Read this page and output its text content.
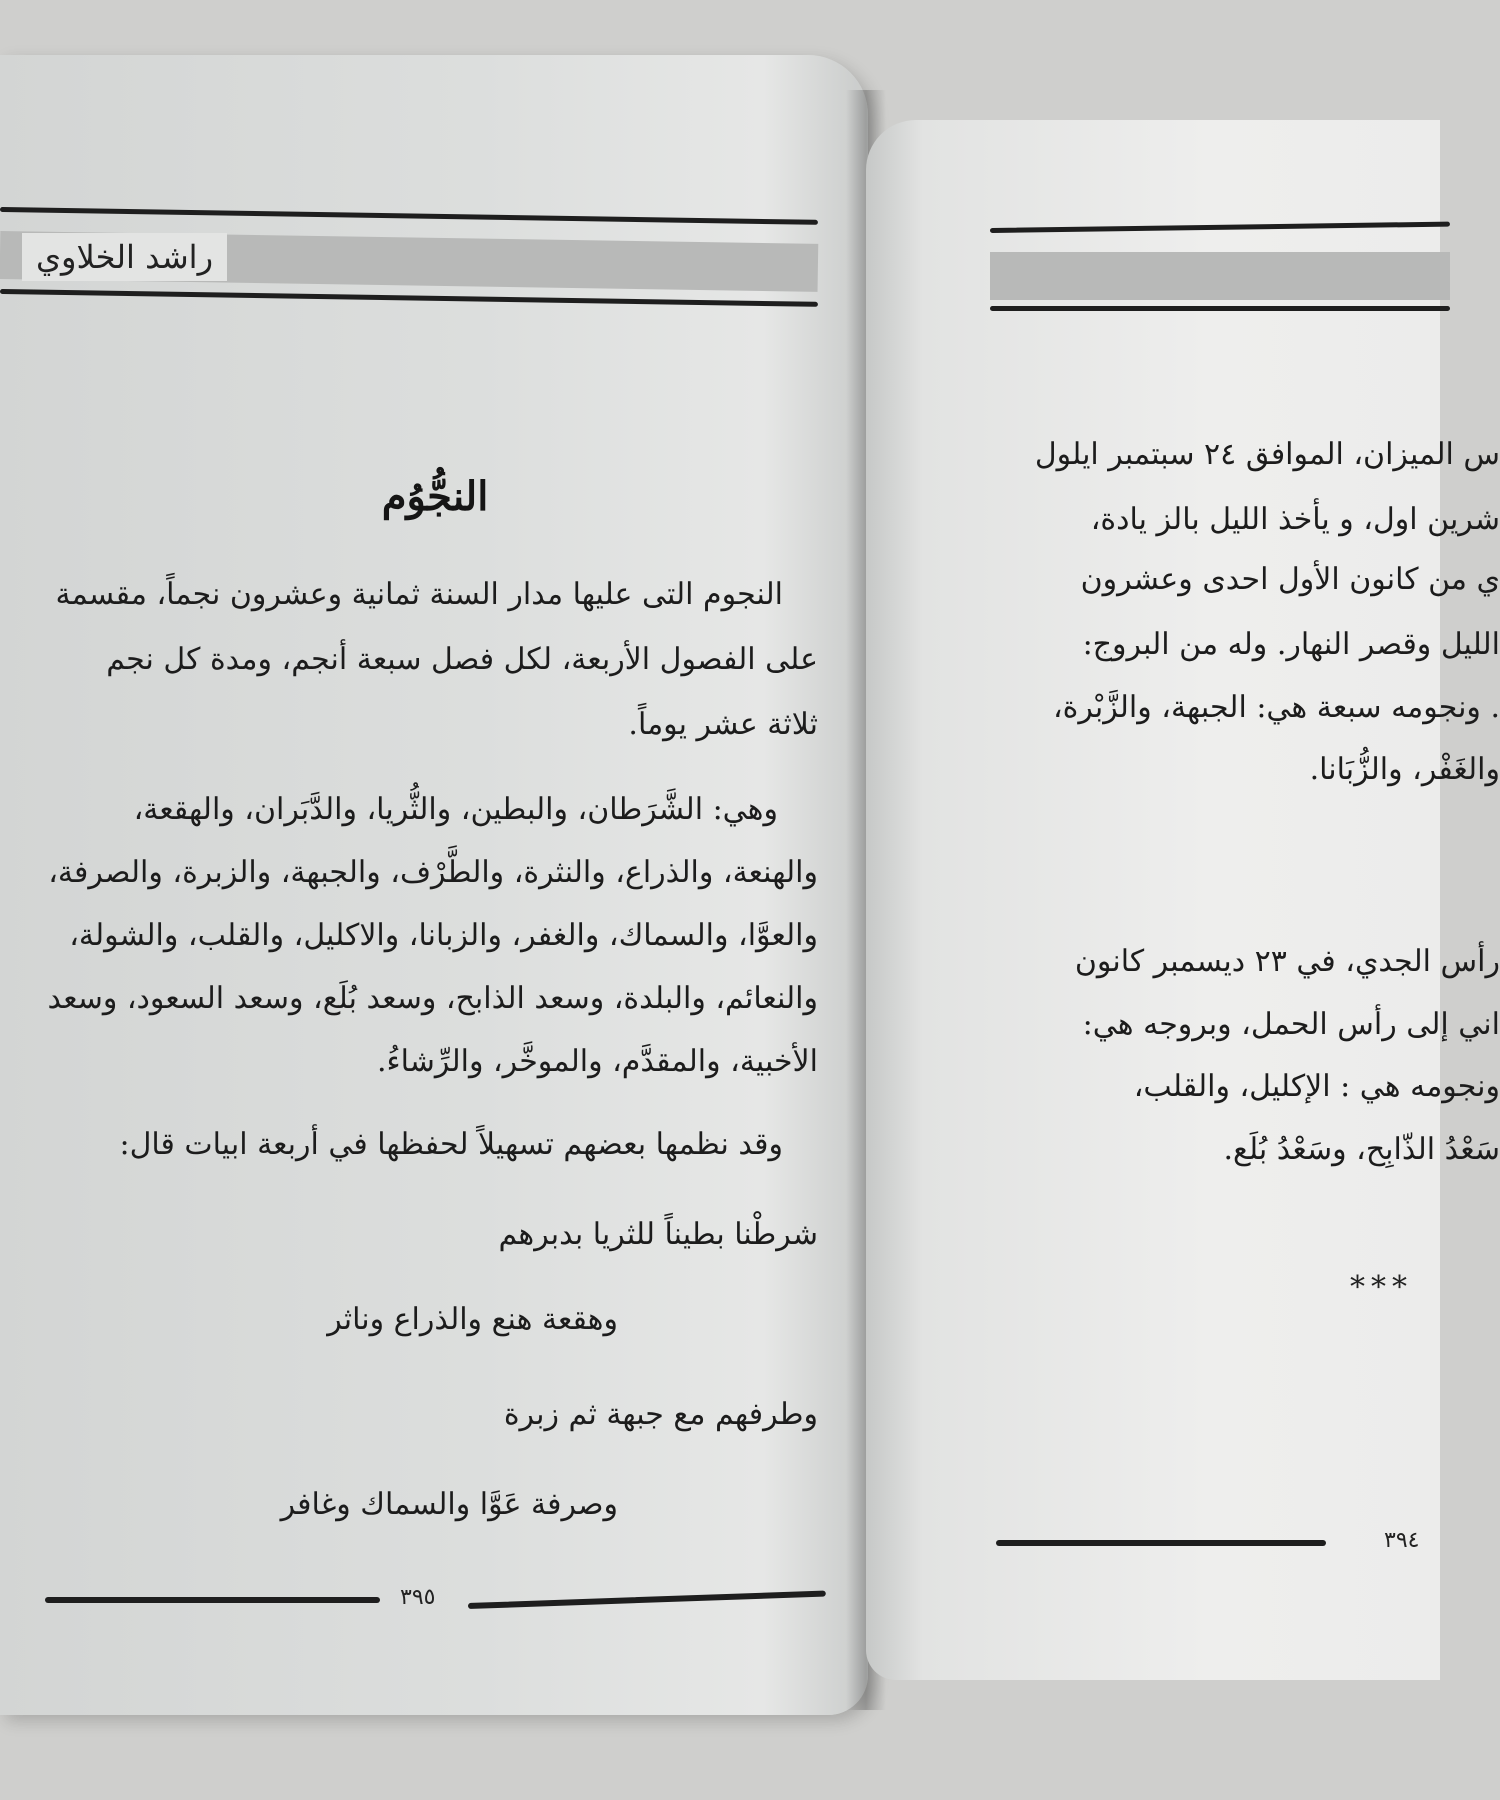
راشد الخلاوي
النجُّوُم
النجوم التى عليها مدار السنة ثمانية وعشرون نجماً، مقسمة
على الفصول الأربعة، لكل فصل سبعة أنجم، ومدة كل نجم
ثلاثة عشر يوماً.
وهي: الشَّرَطان، والبطين، والثُّريا، والدَّبَران، والهقعة،
والهنعة، والذراع، والنثرة، والطَّرْف، والجبهة، والزبرة، والصرفة،
والعوَّا، والسماك، والغفر، والزبانا، والاكليل، والقلب، والشولة،
والنعائم، والبلدة، وسعد الذابح، وسعد بُلَع، وسعد السعود، وسعد
الأخبية، والمقدَّم، والموخَّر، والرِّشاءُ.
وقد نظمها بعضهم تسهيلاً لحفظها في أربعة ابيات قال:
شرطْنا بطيناً للثريا بدبرهم
وهقعة هنع والذراع وناثر
وطرفهم مع جبهة ثم زبرة
وصرفة عَوَّا والسماك وغافر
٣٩٥
س الميزان، الموافق ٢٤ سبتمبر ايلول
شرين اول، و يأخذ الليل بالز يادة،
ي من كانون الأول احدى وعشرون
الليل وقصر النهار. وله من البروج:
. ونجومه سبعة هي: الجبهة، والزَّبْرة،
والغَفْر، والزُّبَانا.
رأس الجدي، في ٢٣ ديسمبر كانون
اني إلى رأس الحمل، وبروجه هي:
ونجومه هي : الإكليل، والقلب،
سَعْدُ الذّابِح، وسَعْدُ بُلَع.
***
٣٩٤
